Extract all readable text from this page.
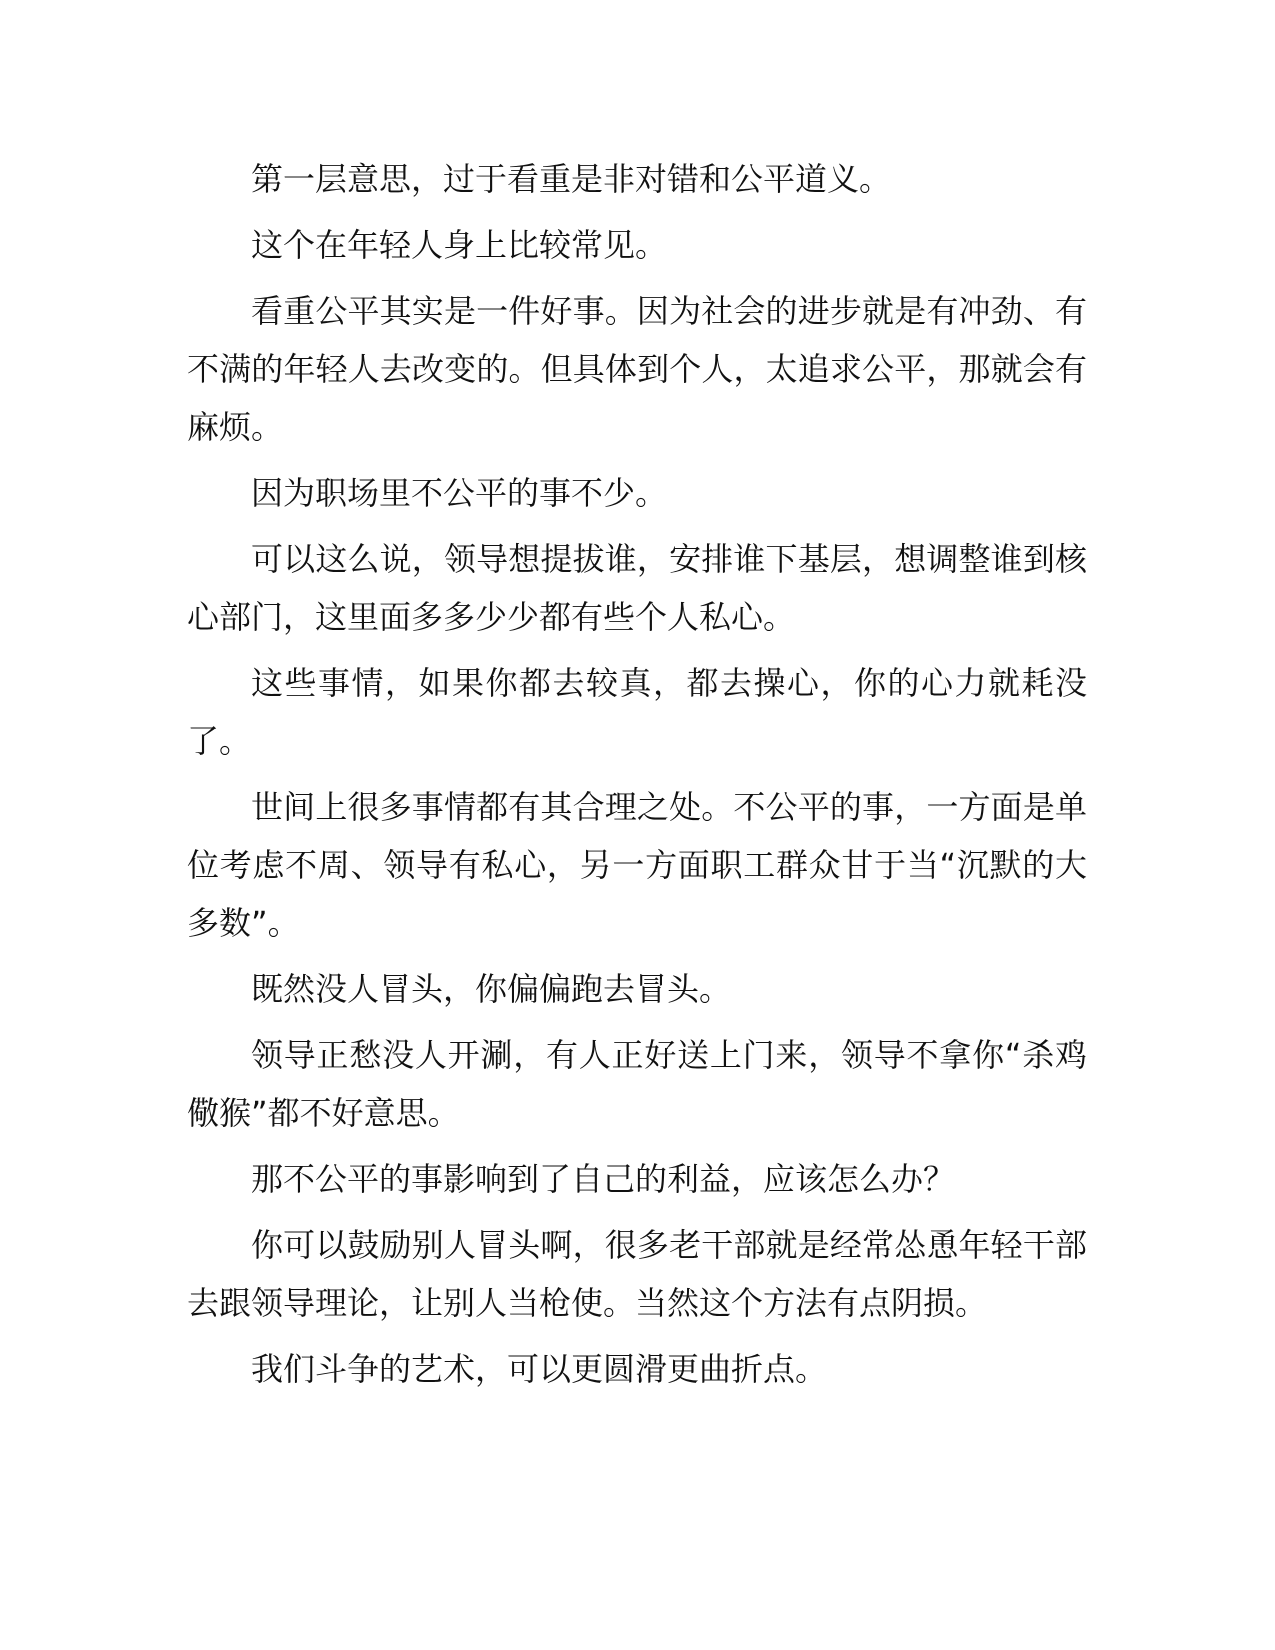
第一层意思，过于看重是非对错和公平道义。

这个在年轻人身上比较常见。

看重公平其实是一件好事。因为社会的进步就是有冲劲、有不满的年轻人去改变的。但具体到个人，太追求公平，那就会有麻烦。

因为职场里不公平的事不少。

可以这么说，领导想提拔谁，安排谁下基层，想调整谁到核心部门，这里面多多少少都有些个人私心。

这些事情，如果你都去较真，都去操心，你的心力就耗没了。

世间上很多事情都有其合理之处。不公平的事，一方面是单位考虑不周、领导有私心，另一方面职工群众甘于当“沉默的大多数”。

既然没人冒头，你偏偏跑去冒头。

领导正愁没人开涮，有人正好送上门来，领导不拿你“杀鸡儆猴”都不好意思。

那不公平的事影响到了自己的利益，应该怎么办？

你可以鼓励别人冒头啊，很多老干部就是经常怂恿年轻干部去跟领导理论，让别人当枪使。当然这个方法有点阴损。

我们斗争的艺术，可以更圆滑更曲折点。
